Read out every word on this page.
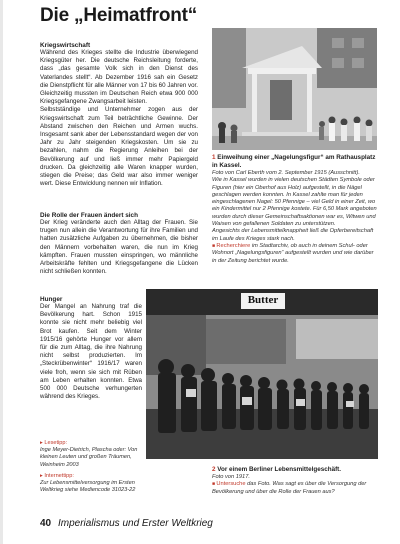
Die „Heimatfront“
Kriegswirtschaft

Während des Krieges stellte die Industrie überwiegend Kriegsgüter her. Die deutsche Reichsleitung forderte, dass „das gesamte Volk sich in den Dienst des Vaterlandes stellt“. Ab Dezember 1916 sah ein Gesetz die Dienstpflicht für alle Männer von 17 bis 60 Jahren vor. Gleichzeitig mussten im Deutschen Reich etwa 900 000 Kriegsgefangene Zwangsarbeit leisten.

Selbstständige und Unternehmer zogen aus der Kriegswirtschaft zum Teil beträchtliche Gewinne. Der Abstand zwischen den Reichen und Armen wuchs. Insgesamt sank aber der Lebensstandard wegen der von Jahr zu Jahr steigenden Kriegskosten. Um sie zu bezahlen, nahm die Regierung Anleihen bei der Bevölkerung auf und ließ immer mehr Papiergeld drucken. Da gleichzeitig alle Waren knapper wurden, stiegen die Preise; das Geld war also immer weniger wert. Diese Entwicklung nennen wir Inflation.

Die Rolle der Frauen ändert sich
Der Krieg veränderte auch den Alltag der Frauen. Sie trugen nun allein die Verantwortung für ihre Familien und hatten zusätzliche Aufgaben zu übernehmen, die bisher den Männern vorbehalten waren, die nun im Krieg kämpften. Frauen mussten einspringen, wo männliche Arbeitskräfte fehlten und Kriegsgefangene die Lücken nicht schließen konnten.
Hunger
Der Mangel an Nahrung traf die Bevölkerung hart. Schon 1915 konnte sie nicht mehr beliebig viel Brot kaufen. Seit dem Winter 1915/16 gehörte Hunger vor allem für die zum Alltag, die ihre Nahrung nicht selbst produzierten. Im „Steckrübenwinter“ 1916/17 waren viele froh, wenn sie sich mit Rüben am Leben erhalten konnten. Etwa 500 000 Deutsche verhungerten während des Krieges.
▸ Lesetipp:
Inge Meyer-Dietrich, Plascha oder: Von kleinen Leuten und großen Träumen, Weinheim 2003
▸ Internettipp:
Zur Lebensmittelversorgung im Ersten Weltkrieg siehe Mediencode 31023-22
1 Einweihung einer „Nagelungsfigur“ am Rathausplatz in Kassel.

Foto von Carl Eberth vom 2. September 1915 (Ausschnitt).

Wie in Kassel wurden in vielen deutschen Städten Symbole oder Figuren (hier ein Oberhof aus Holz) aufgestellt, in die Nägel geschlagen werden konnten. In Kassel zahlte man für jeden eingeschlagenen Nagel: 50 Pfennige – viel Geld in einer Zeit, wo ein Kindermittel nur 2 Pfennige kostete. Für 6,50 Mark angeboten wurden durch dieser Gemeinschaftsaktionen war es, Witwen und Waisen von gefallenen Soldaten zu unterstützen.

Angesichts der Lebensmittelknappheit ließ die Opferbereitschaft im Laufe des Krieges stark nach.

■ Recherchiere im Stadtarchiv, ob auch in deinem Schul- oder Wohnort „Nagelungsfiguren“ aufgestellt wurden und wie darüber in der Zeitung berichtet wurde.

Butter
2 Vor einem Berliner Lebensmittelgeschäft.

Foto von 1917.

■ Untersuche das Foto. Was sagt es über die Versorgung der Bevölkerung und über die Rolle der Frauen aus?

40 Imperialismus und Erster Weltkrieg
